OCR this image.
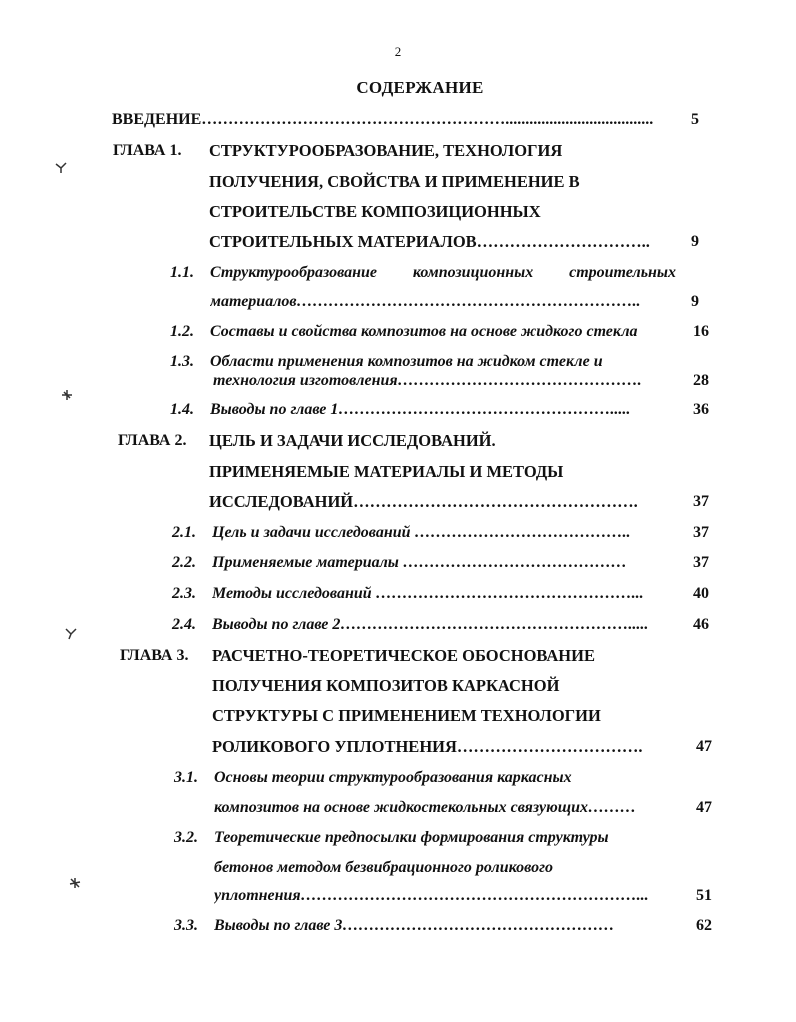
2
СОДЕРЖАНИЕ
ВВЕДЕНИЕ………………………………………………….....................................	5
ГЛАВА 1. СТРУКТУРООБРАЗОВАНИЕ, ТЕХНОЛОГИЯ
ПОЛУЧЕНИЯ, СВОЙСТВА И ПРИМЕНЕНИЕ В
СТРОИТЕЛЬСТВЕ КОМПОЗИЦИОННЫХ
СТРОИТЕЛЬНЫХ МАТЕРИАЛОВ…………………………..	9
1.1. Структурообразование композиционных строительных
материалов………………………………………………………..	9
1.2. Составы и свойства композитов на основе жидкого стекла	16
1.3. Области применения композитов на жидком стекле и
технология изготовления……………………………………….	28
1.4. Выводы по главе 1…………………………………………….....	36
ГЛАВА 2. ЦЕЛЬ И ЗАДАЧИ ИССЛЕДОВАНИЙ.
ПРИМЕНЯЕМЫЕ МАТЕРИАЛЫ И МЕТОДЫ
ИССЛЕДОВАНИЙ…………………………………………….	37
2.1. Цель и задачи исследований …………………………………..	37
2.2. Применяемые материалы ……………………………………	37
2.3. Методы исследований …………………………………………...	40
2.4. Выводы по главе 2……………………………………………….....	46
ГЛАВА 3. РАСЧЕТНО-ТЕОРЕТИЧЕСКОЕ ОБОСНОВАНИЕ
ПОЛУЧЕНИЯ КОМПОЗИТОВ КАРКАСНОЙ
СТРУКТУРЫ С ПРИМЕНЕНИЕМ ТЕХНОЛОГИИ
РОЛИКОВОГО УПЛОТНЕНИЯ…………………………….	47
3.1. Основы теории структурообразования каркасных
композитов на основе жидкостекольных связующих………	47
3.2. Теоретические предпосылки формирования структуры
бетонов методом безвибрационного роликового
уплотнения………………………………………………………...	51
3.3. Выводы по главе 3……………………………………………	62
